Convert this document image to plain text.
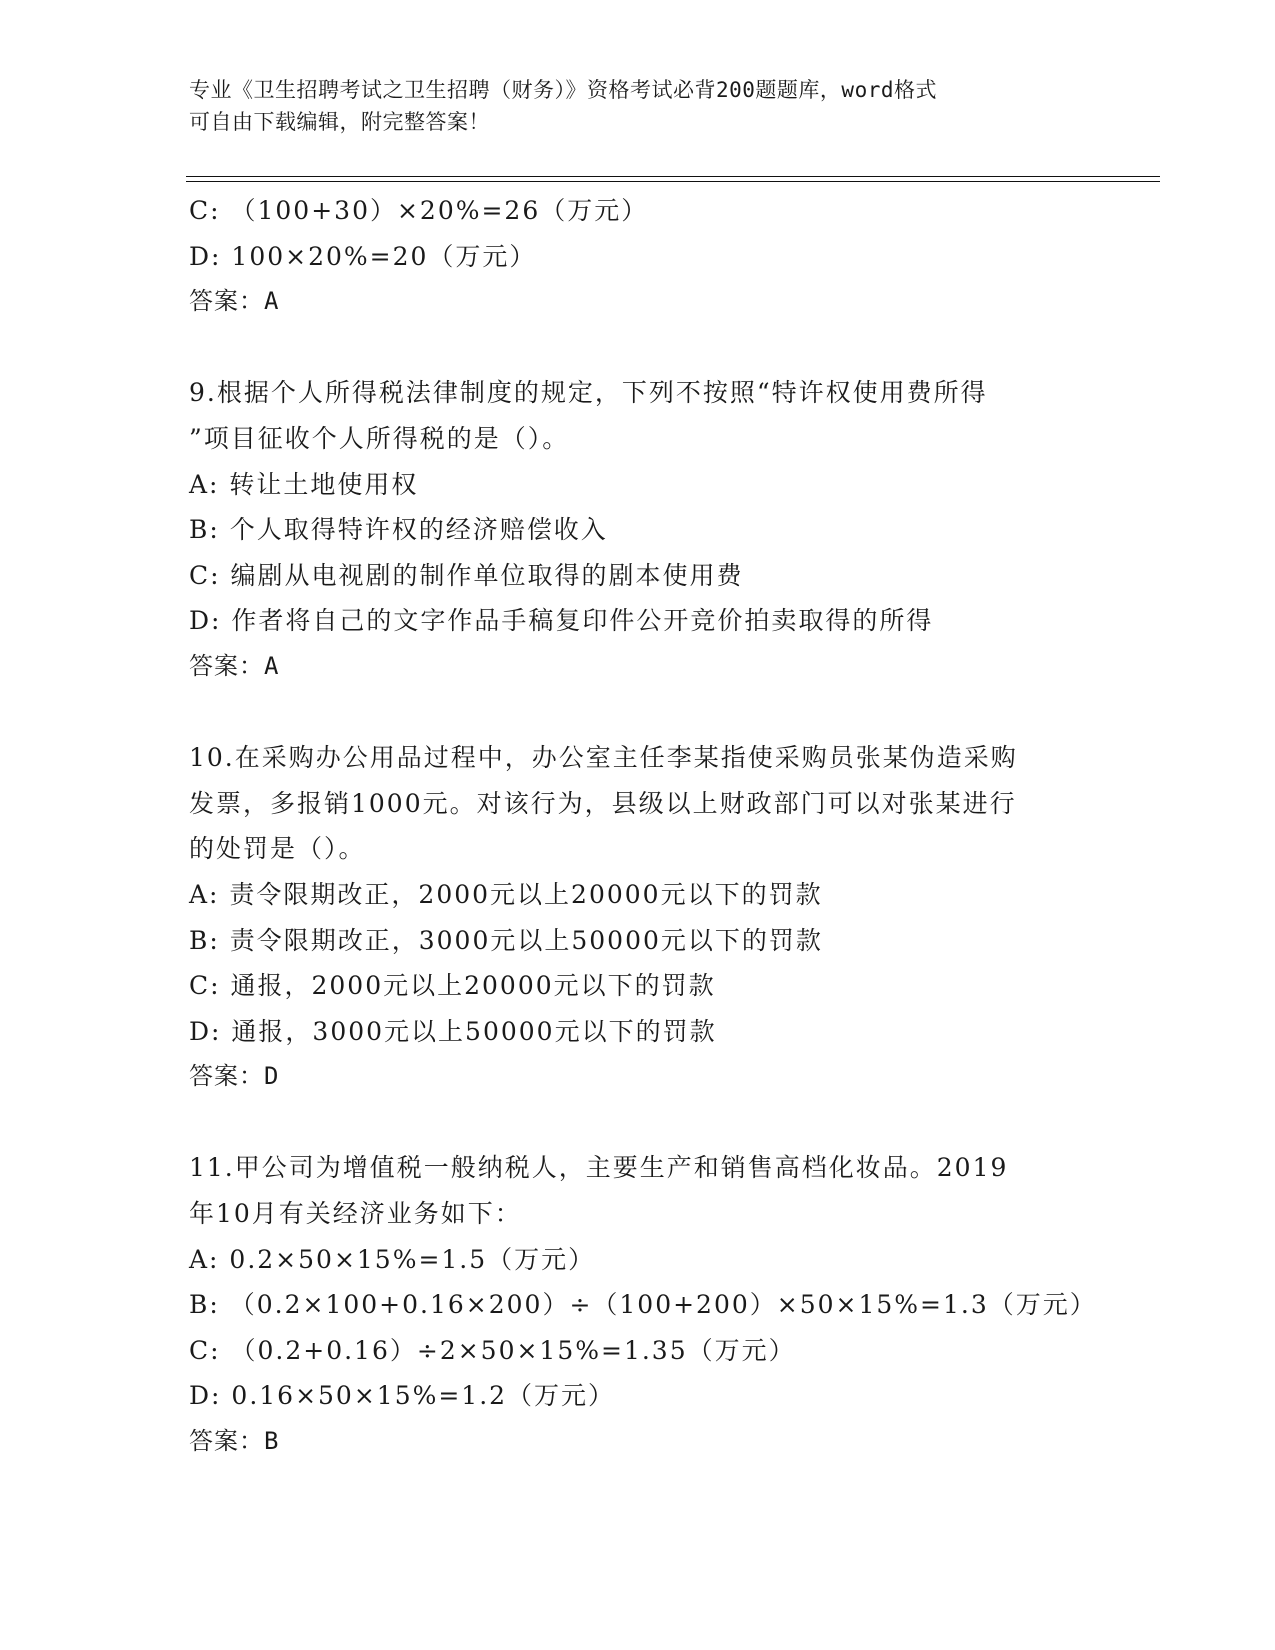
专业《卫生招聘考试之卫生招聘（财务）》资格考试必背200题题库，word格式
可自由下载编辑，附完整答案！
C: （100+30）×20%=26（万元）
D: 100×20%=20（万元）
答案：A
9.根据个人所得税法律制度的规定，下列不按照“特许权使用费所得
”项目征收个人所得税的是（）。
A: 转让土地使用权
B: 个人取得特许权的经济赔偿收入
C: 编剧从电视剧的制作单位取得的剧本使用费
D: 作者将自己的文字作品手稿复印件公开竞价拍卖取得的所得
答案：A
10.在采购办公用品过程中，办公室主任李某指使采购员张某伪造采购
发票，多报销1000元。对该行为，县级以上财政部门可以对张某进行
的处罚是（）。
A: 责令限期改正，2000元以上20000元以下的罚款
B: 责令限期改正，3000元以上50000元以下的罚款
C: 通报，2000元以上20000元以下的罚款
D: 通报，3000元以上50000元以下的罚款
答案：D
11.甲公司为增值税一般纳税人，主要生产和销售高档化妆品。2019
年10月有关经济业务如下：
A: 0.2×50×15%=1.5（万元）
B: （0.2×100+0.16×200）÷（100+200）×50×15%=1.3（万元）
C: （0.2+0.16）÷2×50×15%=1.35（万元）
D: 0.16×50×15%=1.2（万元）
答案：B
